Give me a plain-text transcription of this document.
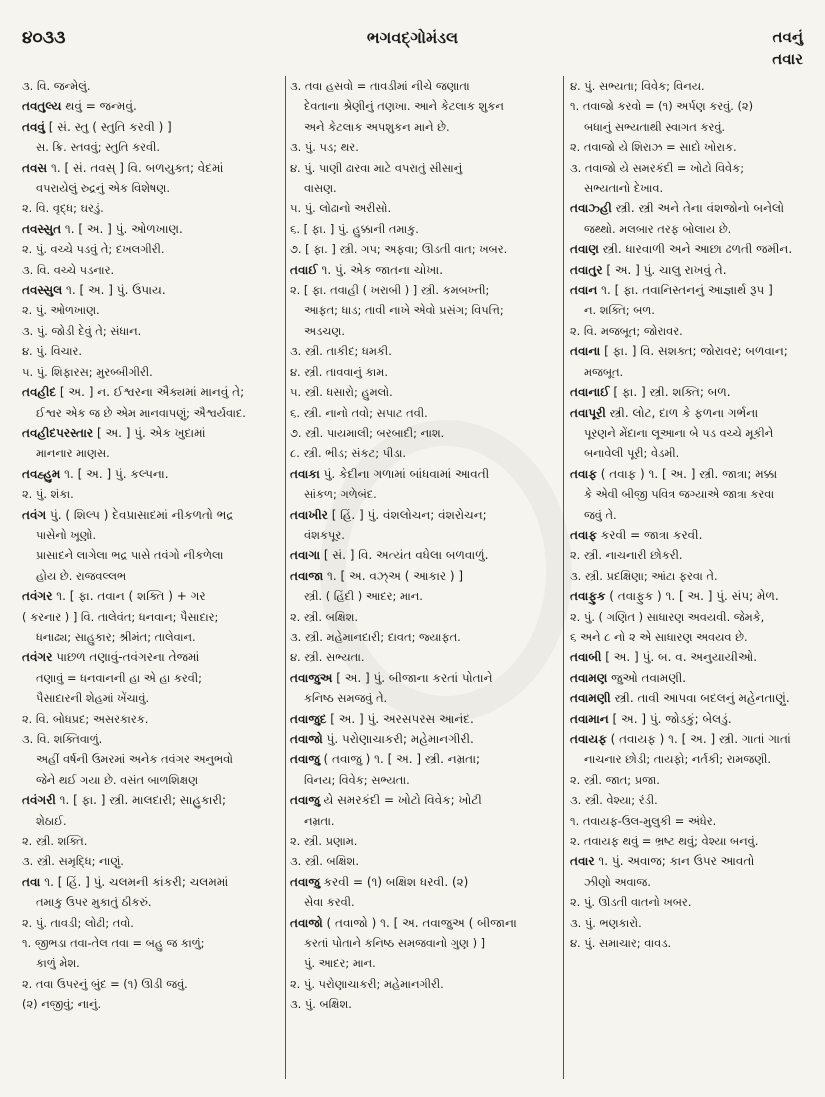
૪૦૩૩	ભગવદ્ગોમંડલ	તવનું
તવાર
૩. વિ. જન્મેલું.
તવતુલ્ય થવું = જન્મવું.
તવવું [ સં. સ્તુ ( સ્તુતિ કરવી ) ]
સ. ક્રિ. સ્તવવું; સ્તુતિ કરવી.
તવસ ૧. [ સં. તવસ્ ] વિ. બળયુક્ત; વેદમાં
વપરાયેલું રુદ્રનું એક વિશેષણ.
૨. વિ. વૃદ્ધ; ઘરડું.
તવસ્સુત ૧. [ અ. ] પું. ઓળખાણ.
૨. પું. વચ્ચે પડવું તે; દખલગીરી.
૩. વિ. વચ્ચે પડનાર.
તવસ્સુલ ૧. [ અ. ] પું. ઉપાય.
૨. પું. ઓળખાણ.
૩. પું. જોડી દેવું તે; સંધાન.
૪. પું. વિચાર.
૫. પું. શિફારસ; મુરબ્બીગીરી.
તવહીદ [ અ. ] ન. ઈશ્વરના ઐક્યમાં માનવું તે;
ઈશ્વર એક જ છે એમ માનવાપણું; ઐશ્વર્યવાદ.
તવહીદપરસ્તાર [ અ. ] પું. એક ખુદામાં
માનનાર માણસ.
તવહ્હુમ ૧. [ અ. ] પું. કલ્પના.
૨. પું. શંકા.
તવંગ પું. ( શિલ્પ ) દેવપ્રાસાદમાં નીકળતો ભદ્ર
પાસેનો ખૂણો.
પ્રાસાદને લાગેલા ભદ્ર પાસે તવંગો નીકળેલા
હોય છે. રાજવલ્લભ
તવંગર ૧. [ ફા. તવાન ( શક્તિ ) + ગર
( કરનાર ) ] વિ. તાલેવંત; ધનવાન; પૈસાદાર;
ધનાઢ્ય; સાહુકાર; શ્રીમંત; તાલેવાન.
તવંગર પાછળ તણાવું-તવંગરના તેજમાં
તણાવું = ધનવાનની હા એ હા કરવી;
પૈસાદારની શેહમાં ખેંચાવું.
૨. વિ. બોધપ્રદ; અસરકારક.
૩. વિ. શક્તિવાળું.
અહીં વર્ષની ઉમરમાં અનેક તવંગર અનુભવો
જેને થઈ ગયા છે. વસંત બાળશિક્ષણ
તવંગરી ૧. [ ફા. ] સ્ત્રી. માલદારી; સાહુકારી;
શેઠાઈ.
૨. સ્ત્રી. શક્તિ.
૩. સ્ત્રી. સમૃદ્ધિ; નાણું.
તવા ૧. [ હિં. ] પું. ચલમની કાંકરી; ચલમમાં
તમાકુ ઉપર મુકાતું ઠીકરું.
૨. પું. તાવડી; લોઢી; તવો.
૧. જીભડા તવા-તેલ તવા = બહુ જ કાળું;
કાળું મેશ.
૨. તવા ઉપરનું બુંદ = (૧) ઊડી જવું.
(૨) નજીવું; નાનું.
૩. તવા હસવો = તાવડીમાં નીચે જણાતા
દેવતાના શ્રેણીનું તણખા. આને કેટલાક શુકન
અને કેટલાક અપશુકન માને છે.
૩. પું. પડ; થર.
૪. પું. પાણી ઢારવા માટે વપરાતું સીસાનું
વાસણ.
૫. પું. લોઢાનો અરીસો.
૬. [ ફા. ] પું. હુક્કાની તમાકુ.
૭. [ ફા. ] સ્ત્રી. ગપ; અફવા; ઊડતી વાત; ખબર.
તવાઈ ૧. પું. એક જાતના ચોખા.
૨. [ ફા. તવાહી ( ખરાબી ) ] સ્ત્રી. કમબખ્તી;
આફત; ધાડ; તાવી નાખે એવો પ્રસંગ; વિપત્તિ;
અડચણ.
૩. સ્ત્રી. તાકીદ; ધમકી.
૪. સ્ત્રી. તાવવાનું કામ.
૫. સ્ત્રી. ધસારો; હુમલો.
૬. સ્ત્રી. નાનો તવો; સપાટ તવી.
૭. સ્ત્રી. પાયમાલી; બરબાદી; નાશ.
૮. સ્ત્રી. ભીડ; સંકટ; પીડા.
તવાકા પું. કેદીના ગળામાં બાંધવામાં આવતી
સાંકળ; ગળેબંદ.
તવાખીર [ હિં. ] પું. વંશલોચન; વંશરોચન;
વંશકપૂર.
તવાગા [ સં. ] વિ. અત્યંત વધેલા બળવાળું.
તવાજા ૧. [ અ. વઝ્અ ( આકાર ) ]
સ્ત્રી. ( હિંદી ) આદર; માન.
૨. સ્ત્રી. બક્ષિશ.
૩. સ્ત્રી. મહેમાનદારી; દાવત; જ્યાફત.
૪. સ્ત્રી. સભ્યતા.
તવાજુઅ [ અ. ] પું. બીજાના કરતાં પોતાને
કનિષ્ઠ સમજવું તે.
તવાજુદ [ અ. ] પું. અરસપરસ આનંદ.
તવાજો પું. પરોણાચાકરી; મહેમાનગીરી.
તવાજુ ( તવાજુ ) ૧. [ અ. ] સ્ત્રી. નમ્રતા;
વિનય; વિવેક; સભ્યતા.
તવાજુ યે સમરકંદી = ખોટો વિવેક; ખોટી
નમ્રતા.
૨. સ્ત્રી. પ્રણામ.
૩. સ્ત્રી. બક્ષિશ.
તવાજુ કરવી = (૧) બક્ષિશ ધરવી. (૨)
સેવા કરવી.
તવાજો ( તવાજો ) ૧. [ અ. તવાજુઅ ( બીજાના
કરતાં પોતાને કનિષ્ઠ સમજવાનો ગુણ ) ]
પું. આદર; માન.
૨. પું. પરોણાચાકરી; મહેમાનગીરી.
૩. પું. બક્ષિશ.
૪. પું. સભ્યતા; વિવેક; વિનય.
૧. તવાજો કરવો = (૧) અર્પણ કરવું. (૨)
બધાનું સભ્યતાથી સ્વાગત કરવું.
૨. તવાજો યે શિરાઝ = સાદો ખોરાક.
૩. તવાજો યે સમરકંદી = ખોટો વિવેક;
સભ્યતાનો દેખાવ.
તવાઝ્હી સ્ત્રી. સ્ત્રી અને તેના વંશજોનો બનેલો
જથ્થો. મલબાર તરફ બોલાય છે.
તવાણ સ્ત્રી. ધારવાળી અને આછા ઢળતી જમીન.
તવાતુર [ અ. ] પું. ચાલુ રાખવું તે.
તવાન ૧. [ ફા. તવાનિસ્તનનું આજ્ઞાર્થ રૂપ ]
ન. શક્તિ; બળ.
૨. વિ. મજબૂત; જોરાવર.
તવાના [ ફા. ] વિ. સશક્ત; જોરાવર; બળવાન;
મજબૂત.
તવાનાઈ [ ફા. ] સ્ત્રી. શક્તિ; બળ.
તવાપૂરી સ્ત્રી. લોટ, દાળ કે ફળના ગર્ભના
પૂરણને મેંદાના લૂઆના બે પડ વચ્ચે મૂકીને
બનાવેલી પૂરી; વેડમી.
તવાફ ( તવાફ ) ૧. [ અ. ] સ્ત્રી. જાત્રા; મક્કા
કે એવી બીજી પવિત્ર જગ્યાએ જાત્રા કરવા
જવું તે.
તવાફ કરવી = જાત્રા કરવી.
૨. સ્ત્રી. નાચનારી છોકરી.
૩. સ્ત્રી. પ્રદક્ષિણા; આંટા ફરવા તે.
તવાફુક ( તવાફુક ) ૧. [ અ. ] પું. સંપ; મેળ.
૨. પું. ( ગણિત ) સાધારણ અવયવી. જેમકે,
૬ અને ૮ નો ૨ એ સાધારણ અવયવ છે.
તવાબી [ અ. ] પું. બ. વ. અનુયાયીઓ.
તવામણ જુઓ તવામણી.
તવામણી સ્ત્રી. તાવી આપવા બદલનું મહેનતાણું.
તવામાન [ અ. ] પું. જોડકું; બેલડું.
તવાયફ ( તવાયફ ) ૧. [ અ. ] સ્ત્રી. ગાતાં ગાતાં
નાચનાર છોડી; તાયફો; નર્તકી; રામજણી.
૨. સ્ત્રી. જાત; પ્રજા.
૩. સ્ત્રી. વેશ્યા; રંડી.
૧. તવાયફ-ઉલ-મુલુકી = અંધેર.
૨. તવાયફ થવું = ભ્રષ્ટ થવું; વેશ્યા બનવું.
તવાર ૧. પું. અવાજ; કાન ઉપર આવતો
ઝીણો અવાજ.
૨. પું. ઊડતી વાતનો ખબર.
૩. પું. ભણકારો.
૪. પું. સમાચાર; વાવડ.
